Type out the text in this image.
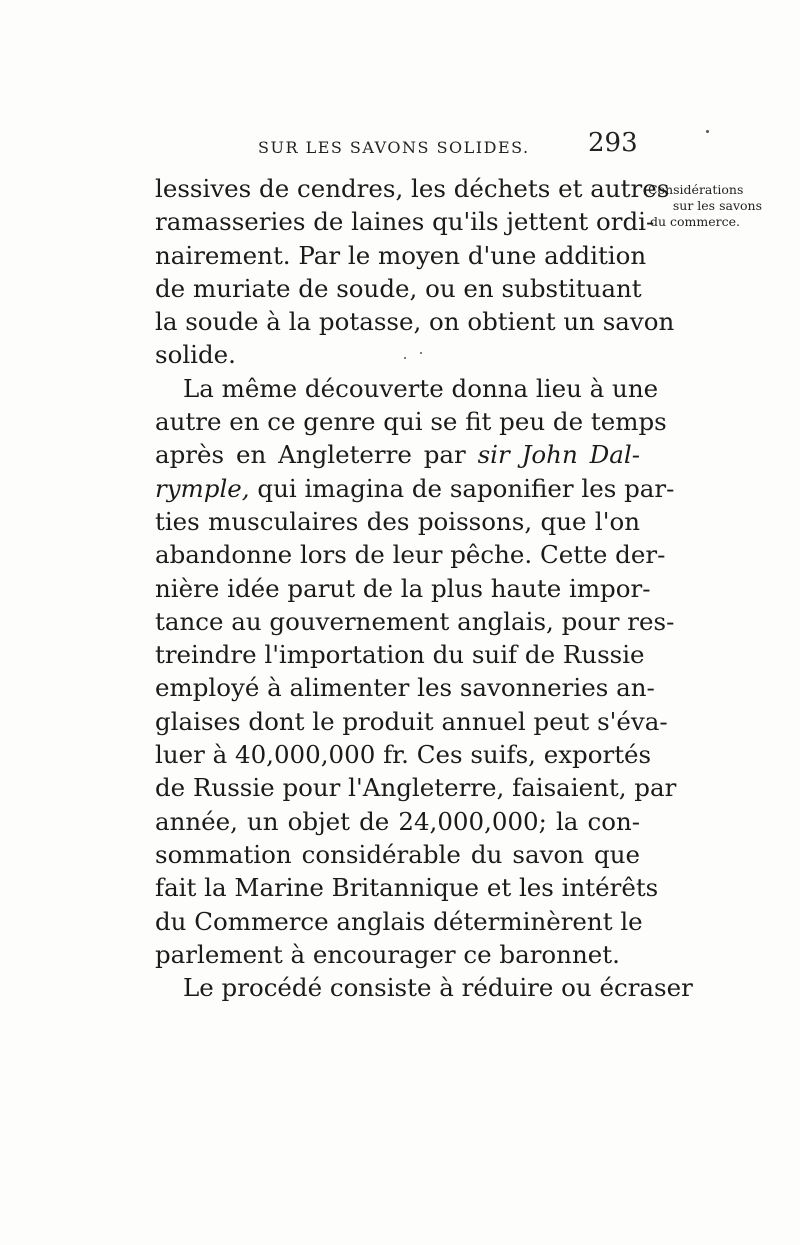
SUR LES SAVONS SOLIDES. 293
Considérations
sur les savons
du commerce.
lessives de cendres, les déchets et autres
ramasseries de laines qu'ils jettent ordi-
nairement. Par le moyen d'une addition
de muriate de soude, ou en substituant
la soude à la potasse, on obtient un savon
solide.
La même découverte donna lieu à une
autre en ce genre qui se fit peu de temps
après en Angleterre par sir John Dal-
rymple, qui imagina de saponifier les par-
ties musculaires des poissons, que l'on
abandonne lors de leur pêche. Cette der-
nière idée parut de la plus haute impor-
tance au gouvernement anglais, pour res-
treindre l'importation du suif de Russie
employé à alimenter les savonneries an-
glaises dont le produit annuel peut s'éva-
luer à 40,000,000 fr. Ces suifs, exportés
de Russie pour l'Angleterre, faisaient, par
année, un objet de 24,000,000; la con-
sommation considérable du savon que
fait la Marine Britannique et les intérêts
du Commerce anglais déterminèrent le
parlement à encourager ce baronnet.
Le procédé consiste à réduire ou écraser
